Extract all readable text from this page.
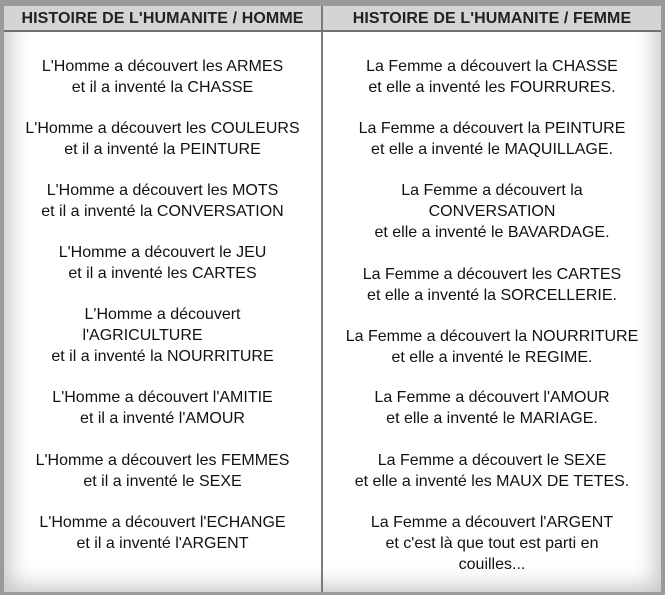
HISTOIRE DE L'HUMANITE / HOMME
L'Homme a découvert les ARMES
et il a inventé la CHASSE
L'Homme a découvert les COULEURS
et il a inventé la PEINTURE
L'Homme a découvert les MOTS
et il a inventé la CONVERSATION
L'Homme a découvert le JEU
et il a inventé les CARTES
L'Homme a découvert
l'AGRICULTURE
et il a inventé la NOURRITURE
L'Homme a découvert l'AMITIE
et il a inventé l'AMOUR
L'Homme a découvert les FEMMES
et il a inventé le SEXE
L'Homme a découvert l'ECHANGE
et il a inventé l'ARGENT
HISTOIRE DE L'HUMANITE / FEMME
La Femme a découvert la CHASSE
et elle a inventé les FOURRURES.
La Femme a découvert la PEINTURE
et elle a inventé le MAQUILLAGE.
La Femme a découvert la
CONVERSATION
et elle a inventé le BAVARDAGE.
La Femme a découvert les CARTES
et elle a inventé la SORCELLERIE.
La Femme a découvert la NOURRITURE
et elle a inventé le REGIME.
La Femme a découvert l'AMOUR
et elle a inventé le MARIAGE.
La Femme a découvert le SEXE
et elle a inventé les MAUX DE TETES.
La Femme a découvert l'ARGENT
et c'est là que tout est parti en
couilles...
